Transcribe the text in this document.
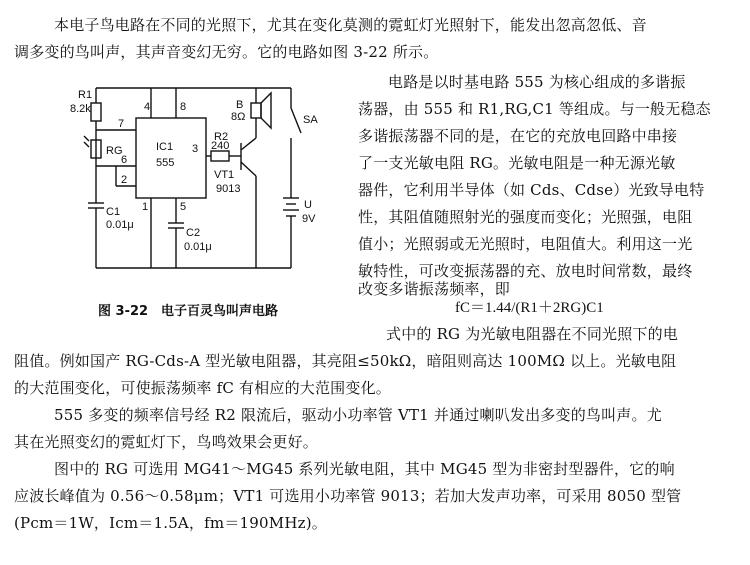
本电子鸟电路在不同的光照下，尤其在变化莫测的霓虹灯光照射下，能发出忽高忽低、音
调多变的鸟叫声，其声音变幻无穷。它的电路如图 3-22 所示。
电路是以时基电路 555 为核心组成的多谐振
荡器，由 555 和 R1,RG,C1 等组成。与一般无稳态
多谐振荡器不同的是，在它的充放电回路中串接
了一支光敏电阻 RG。光敏电阻是一种无源光敏
器件，它利用半导体（如 Cds、Cdse）光致导电特
性，其阻值随照射光的强度而变化；光照强，电阻
值小；光照弱或无光照时，电阻值大。利用这一光
敏特性，可改变振荡器的充、放电时间常数，最终
改变多谐振荡频率，即
fC＝1.44/(R1＋2RG)C1
式中的 RG 为光敏电阻器在不同光照下的电
阻值。例如国产 RG-Cds-A 型光敏电阻器，其亮阻≤50kΩ，暗阻则高达 100MΩ 以上。光敏电阻
的大范围变化，可使振荡频率 fC 有相应的大范围变化。
555 多变的频率信号经 R2 限流后，驱动小功率管 VT1 并通过喇叭发出多变的鸟叫声。尤
其在光照变幻的霓虹灯下，鸟鸣效果会更好。
图中的 RG 可选用 MG41～MG45 系列光敏电阻，其中 MG45 型为非密封型器件，它的响
应波长峰值为 0.56～0.58μm；VT1 可选用小功率管 9013；若加大发声功率，可采用 8050 型管
(Pcm＝1W，Icm＝1.5A，fm＝190MHz)。
R1
8.2k
RG
4	8
7
6
2
IC1
555
3
1	5
R2
240
B
8Ω	SA
VT1
9013
C1
0.01μ
C2
0.01μ
U
9V
图 3-22　电子百灵鸟叫声电路
